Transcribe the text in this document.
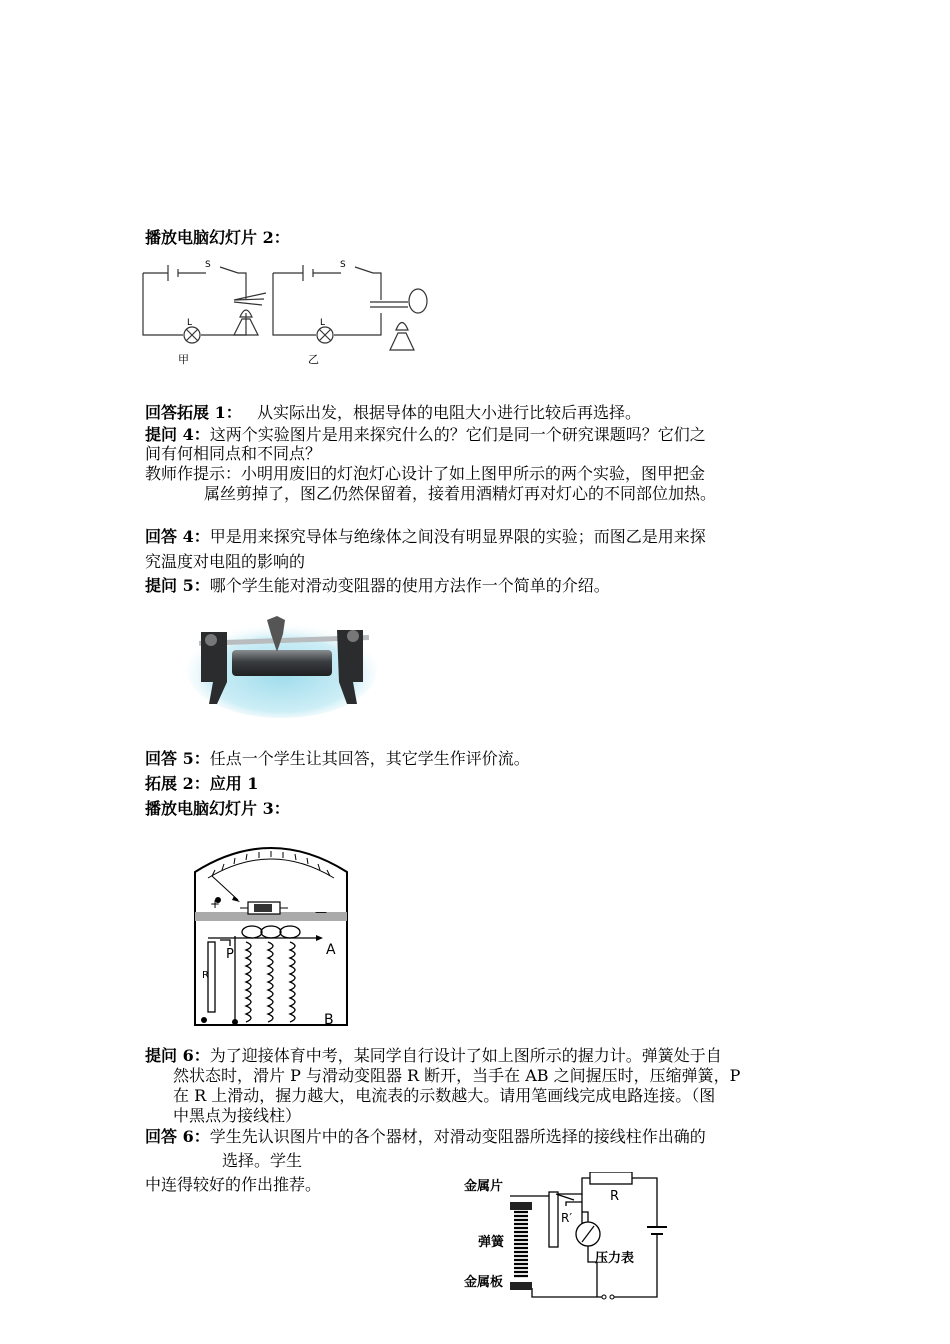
播放电脑幻灯片 2：
S
L
甲
S
L
乙
回答拓展 1： 从实际出发，根据导体的电阻大小进行比较后再选择。
提问 4：这两个实验图片是用来探究什么的？它们是同一个研究课题吗？它们之
间有何相同点和不同点？
教师作提示：小明用废旧的灯泡灯心设计了如上图甲所示的两个实验，图甲把金
属丝剪掉了，图乙仍然保留着，接着用酒精灯再对灯心的不同部位加热。
回答 4：甲是用来探究导体与绝缘体之间没有明显界限的实验；而图乙是用来探
究温度对电阻的影响的
提问 5：哪个学生能对滑动变阻器的使用方法作一个简单的介绍。
回答 5：任点一个学生让其回答，其它学生作评价流。
拓展 2：应用 1
播放电脑幻灯片 3：
+
—
P	A
R
B
提问 6：为了迎接体育中考，某同学自行设计了如上图所示的握力计。弹簧处于自
然状态时，滑片 P 与滑动变阻器 R 断开，当手在 AB 之间握压时，压缩弹簧，P
在 R 上滑动，握力越大，电流表的示数越大。请用笔画线完成电路连接。（图
中黑点为接线柱）
回答 6：学生先认识图片中的各个器材，对滑动变阻器所选择的接线柱作出确的
选择。学生
中连得较好的作出推荐。	金属片
弹簧
金属板
R
R′
压力表
